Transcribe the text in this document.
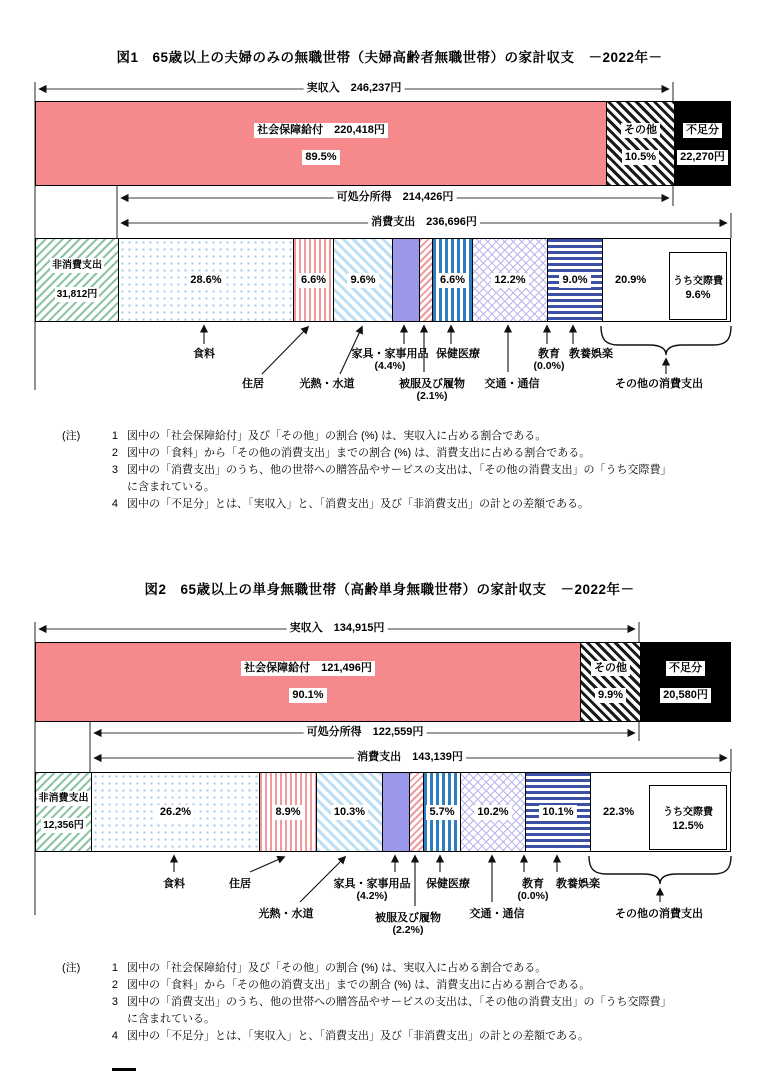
図1　65歳以上の夫婦のみの無職世帯（夫婦高齢者無職世帯）の家計収支　－2022年－
実収入　246,237円
社会保障給付　220,418円
89.5%
その他
10.5%
不足分
22,270円
可処分所得　214,426円
消費支出　236,696円
非消費支出
31,812円
28.6%	6.6% 9.6%	6.6%	12.2%	9.0% 20.9%	うち交際費
9.6%
食料	家具・家事用品
(4.4%)
保健医療	教育
(0.0%)
教養娯楽
住居	光熱・水道	被服及び履物
(2.1%)
交通・通信	その他の消費支出
(注)	1 図中の「社会保障給付」及び「その他」の割合 (%) は、実収入に占める割合である。
2 図中の「食料」から「その他の消費支出」までの割合 (%) は、消費支出に占める割合である。
3 図中の「消費支出」のうち、他の世帯への贈答品やサービスの支出は、「その他の消費支出」の「うち交際費」
に含まれている。
4 図中の「不足分」とは、「実収入」と、「消費支出」及び「非消費支出」の計との差額である。
図2　65歳以上の単身無職世帯（高齢単身無職世帯）の家計収支　－2022年－
実収入　134,915円
社会保障給付　121,496円
90.1%
その他
9.9%
不足分
20,580円
可処分所得　122,559円
消費支出　143,139円
非消費支出
12,356円
26.2%	8.9%	10.3%	5.7% 10.2%	10.1%	22.3%	うち交際費
12.5%
食料	住居	家具・家事用品
(4.2%)
保健医療	教育
(0.0%)
教養娯楽
光熱・水道	被服及び履物
(2.2%)
交通・通信	その他の消費支出
(注)	1 図中の「社会保障給付」及び「その他」の割合 (%) は、実収入に占める割合である。
2 図中の「食料」から「その他の消費支出」までの割合 (%) は、消費支出に占める割合である。
3 図中の「消費支出」のうち、他の世帯への贈答品やサービスの支出は、「その他の消費支出」の「うち交際費」
に含まれている。
4 図中の「不足分」とは、「実収入」と、「消費支出」及び「非消費支出」の計との差額である。
